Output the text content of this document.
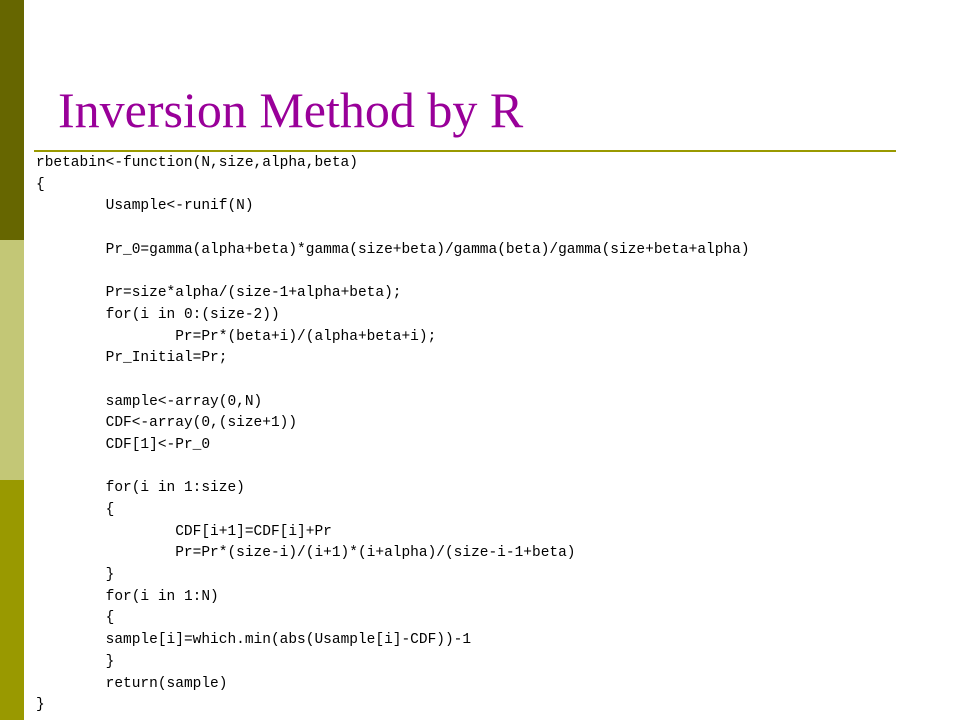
Inversion Method by R
rbetabin<-function(N,size,alpha,beta)
{
	Usample<-runif(N)
	Pr_0=gamma(alpha+beta)*gamma(size+beta)/gamma(beta)/gamma(size+beta+alpha)
	Pr=size*alpha/(size-1+alpha+beta);
	for(i in 0:(size-2))
		Pr=Pr*(beta+i)/(alpha+beta+i);
	Pr_Initial=Pr;
	sample<-array(0,N)
	CDF<-array(0,(size+1))
	CDF[1]<-Pr_0
	for(i in 1:size)
	{
		CDF[i+1]=CDF[i]+Pr
		Pr=Pr*(size-i)/(i+1)*(i+alpha)/(size-i-1+beta)
	}
	for(i in 1:N)
	{
	sample[i]=which.min(abs(Usample[i]-CDF))-1
	}
	return(sample)
}
